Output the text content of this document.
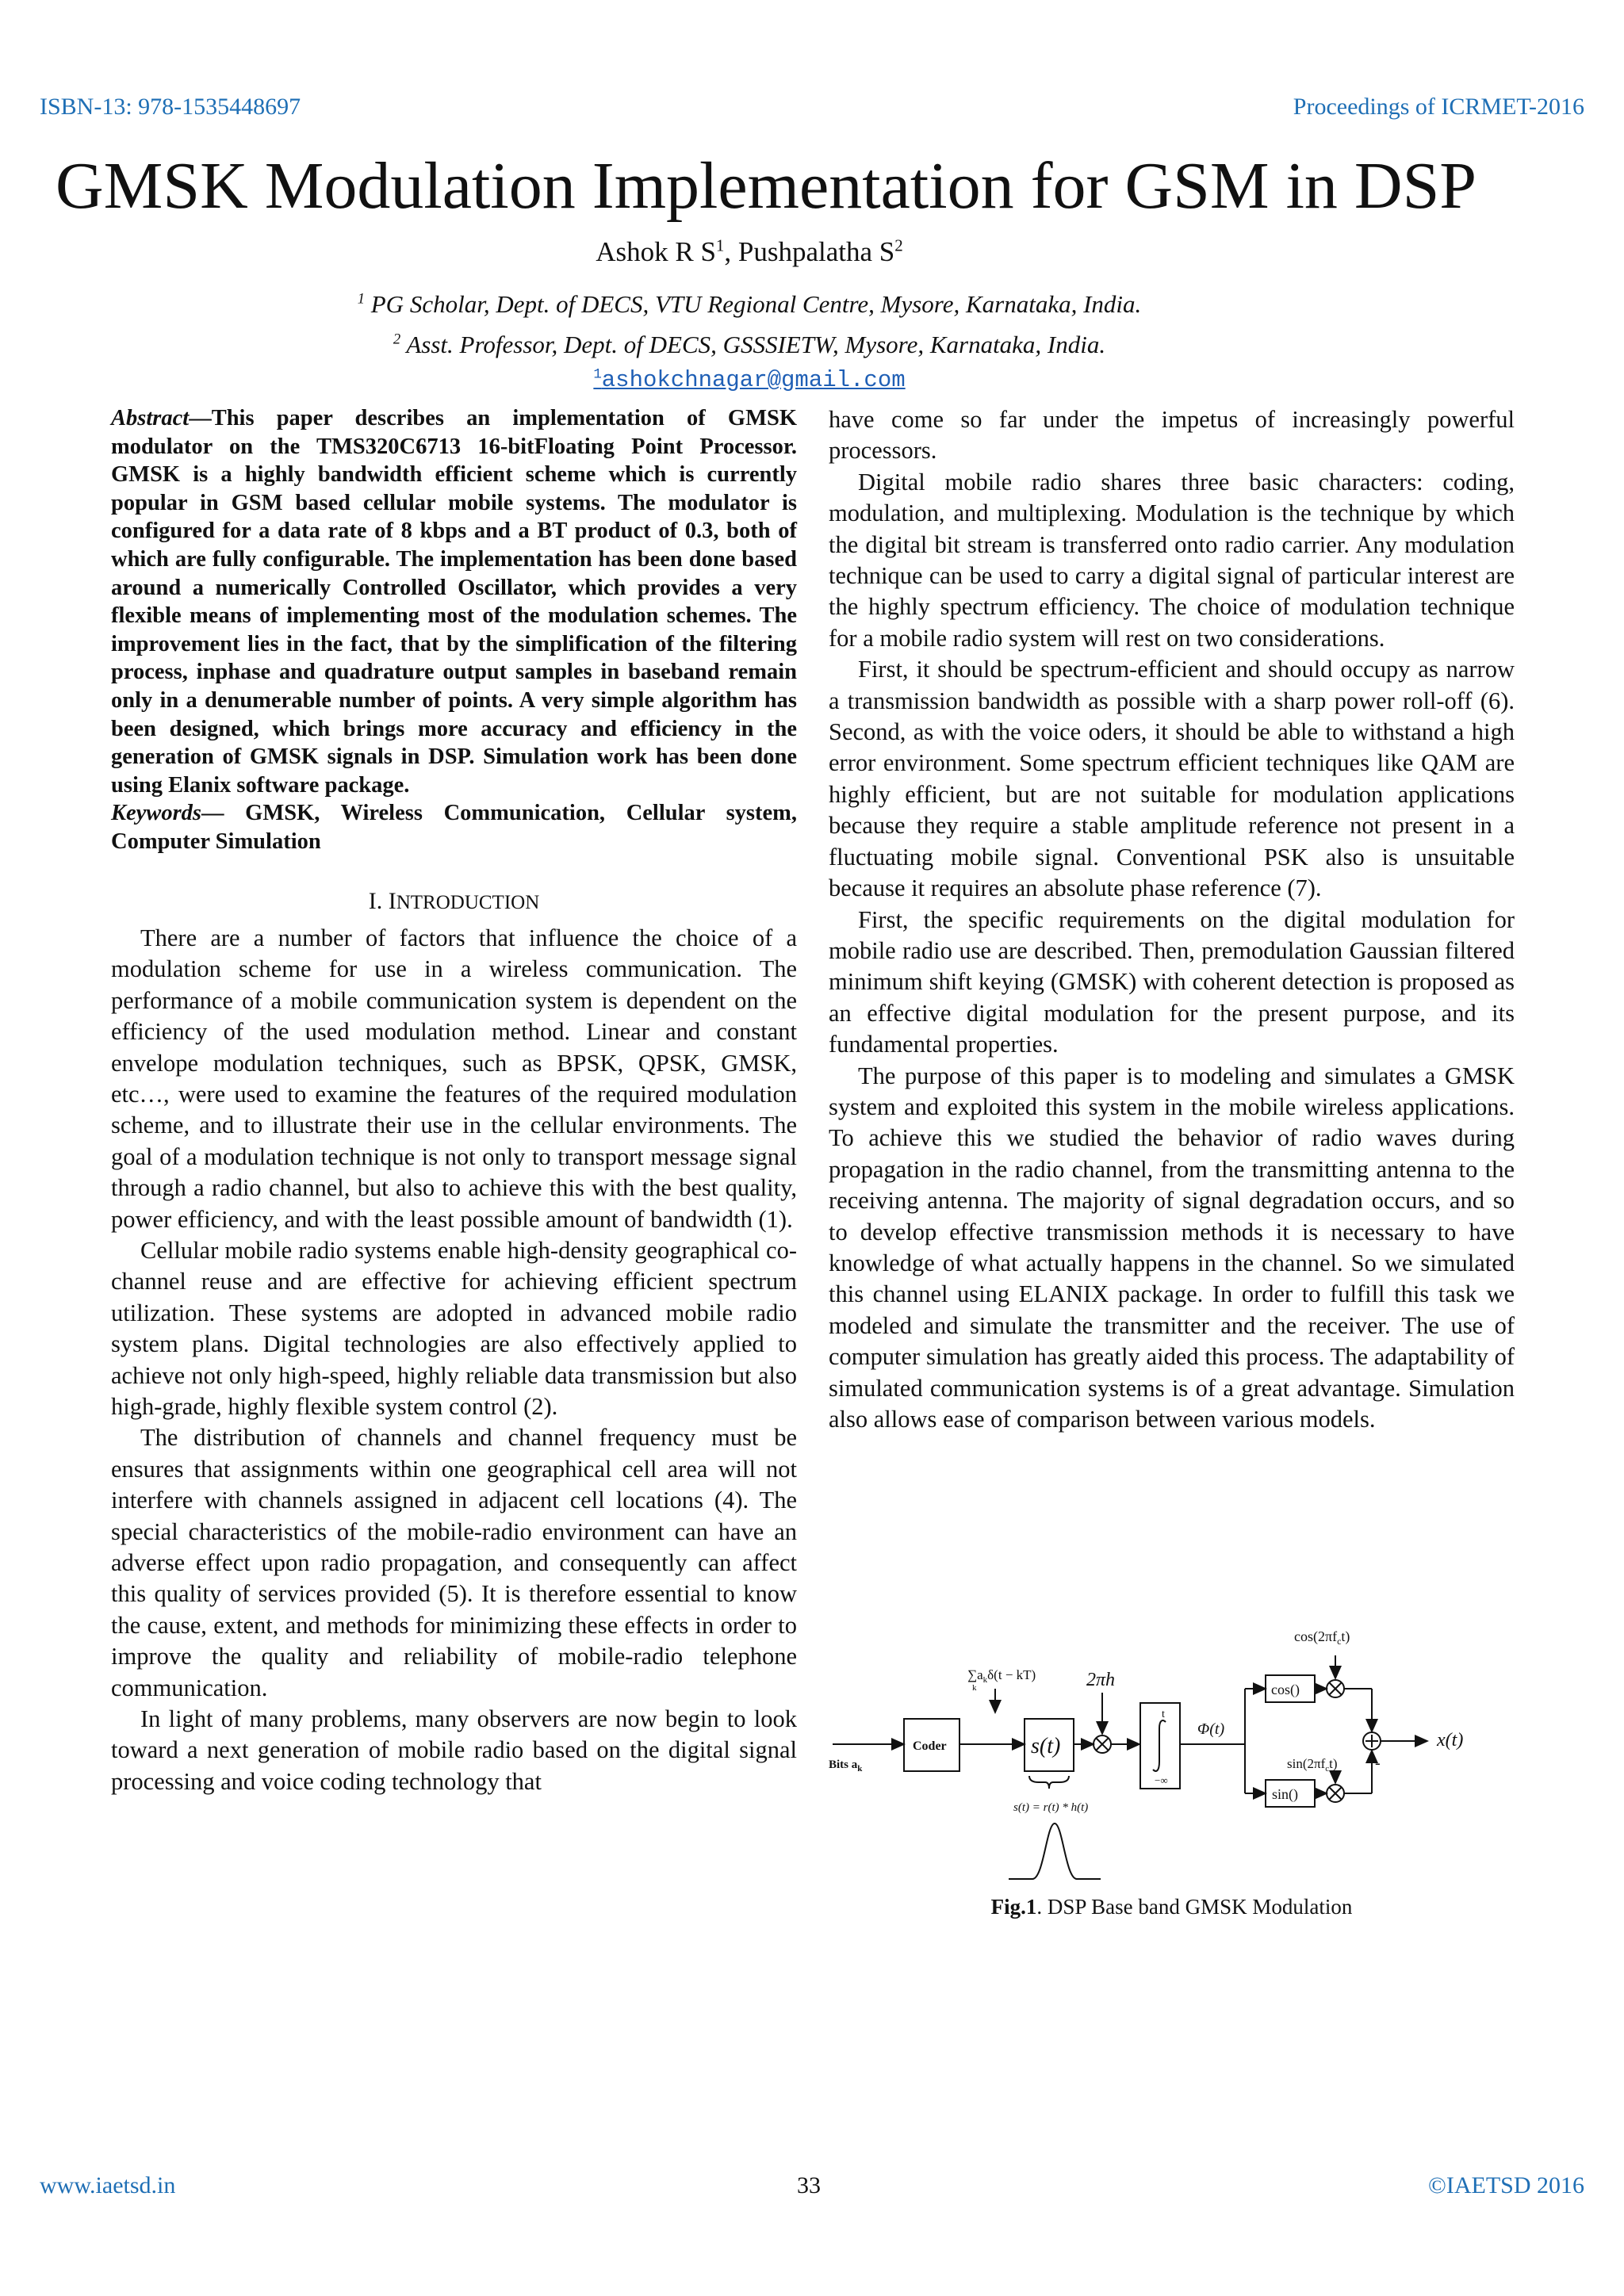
ISBN-13: 978-1535448697	Proceedings of ICRMET-2016
GMSK Modulation Implementation for GSM in DSP
Ashok R $S^1$, Pushpalatha $S^2$
$^1$ PG Scholar, Dept. of DECS, VTU Regional Centre, Mysore, Karnataka, India.
$^2$ Asst. Professor, Dept. of DECS, GSSSIETW, Mysore, Karnataka, India.
$^1$ashokchnagar@gmail.com

Abstract—This paper describes an implementation of GMSK modulator on the TMS320C6713 16-bitFloating Point Processor. GMSK is a highly bandwidth efficient scheme which is currently popular in GSM based cellular mobile systems. The modulator is configured for a data rate of 8 kbps and a BT product of 0.3, both of which are fully configurable. The implementation has been done based around a numerically Controlled Oscillator, which provides a very flexible means of implementing most of the modulation schemes. The improvement lies in the fact, that by the simplification of the filtering process, inphase and quadrature output samples in baseband remain only in a denumerable number of points. A very simple algorithm has been designed, which brings more accuracy and efficiency in the generation of GMSK signals in DSP. Simulation work has been done using Elanix software package.

Keywords— GMSK, Wireless Communication, Cellular system, Computer Simulation

I. INTRODUCTION

There are a number of factors that influence the choice of a modulation scheme for use in a wireless communication. The performance of a mobile communication system is dependent on the efficiency of the used modulation method. Linear and constant envelope modulation techniques, such as BPSK, QPSK, GMSK, etc…, were used to examine the features of the required modulation scheme, and to illustrate their use in the cellular environments. The goal of a modulation technique is not only to transport message signal through a radio channel, but also to achieve this with the best quality, power efficiency, and with the least possible amount of bandwidth (1).

Cellular mobile radio systems enable high-density geographical co-channel reuse and are effective for achieving efficient spectrum utilization. These systems are adopted in advanced mobile radio system plans. Digital technologies are also effectively applied to achieve not only high-speed, highly reliable data transmission but also high-grade, highly flexible system control (2).

The distribution of channels and channel frequency must be ensures that assignments within one geographical cell area will not interfere with channels assigned in adjacent cell locations (4). The special characteristics of the mobile-radio environment can have an adverse effect upon radio propagation, and consequently can affect this quality of services provided (5). It is therefore essential to know the cause, extent, and methods for minimizing these effects in order to improve the quality and reliability of mobile-radio telephone communication.

In light of many problems, many observers are now begin to look toward a next generation of mobile radio based on the digital signal processing and voice coding technology that

have come so far under the impetus of increasingly powerful processors.

Digital mobile radio shares three basic characters: coding, modulation, and multiplexing. Modulation is the technique by which the digital bit stream is transferred onto radio carrier. Any modulation technique can be used to carry a digital signal of particular interest are the highly spectrum efficiency. The choice of modulation technique for a mobile radio system will rest on two considerations.

First, it should be spectrum-efficient and should occupy as narrow a transmission bandwidth as possible with a sharp power roll-off (6). Second, as with the voice oders, it should be able to withstand a high error environment. Some spectrum efficient techniques like QAM are highly efficient, but are not suitable for modulation applications because they require a stable amplitude reference not present in a fluctuating mobile signal. Conventional PSK also is unsuitable because it requires an absolute phase reference (7).

First, the specific requirements on the digital modulation for mobile radio use are described. Then, premodulation Gaussian filtered minimum shift keying (GMSK) with coherent detection is proposed as an effective digital modulation for the present purpose, and its fundamental properties.

The purpose of this paper is to modeling and simulates a GMSK system and exploited this system in the mobile wireless applications. To achieve this we studied the behavior of radio waves during propagation in the radio channel, from the transmitting antenna to the receiving antenna. The majority of signal degradation occurs, and so to develop effective transmission methods it is necessary to have knowledge of what actually happens in the channel. So we simulated this channel using ELANIX package. In order to fulfill this task we modeled and simulate the transmitter and the receiver. The use of computer simulation has greatly aided this process. The adaptability of simulated communication systems is of a great advantage. Simulation also allows ease of comparison between various models.

$\cos(2\pi f_ct)$
$\sum a_k\delta(t - kT)$
k	2πh
Coder
Bits $a_k$
s(t)
t
−∞
Φ(t)
cos()
sin()
$\sin(2\pi f_ct)$
x(t)
-
s(t) = r(t) * h(t)
Fig.1. DSP Base band GMSK Modulation
www.iaetsd.in	33	©IAETSD 2016
